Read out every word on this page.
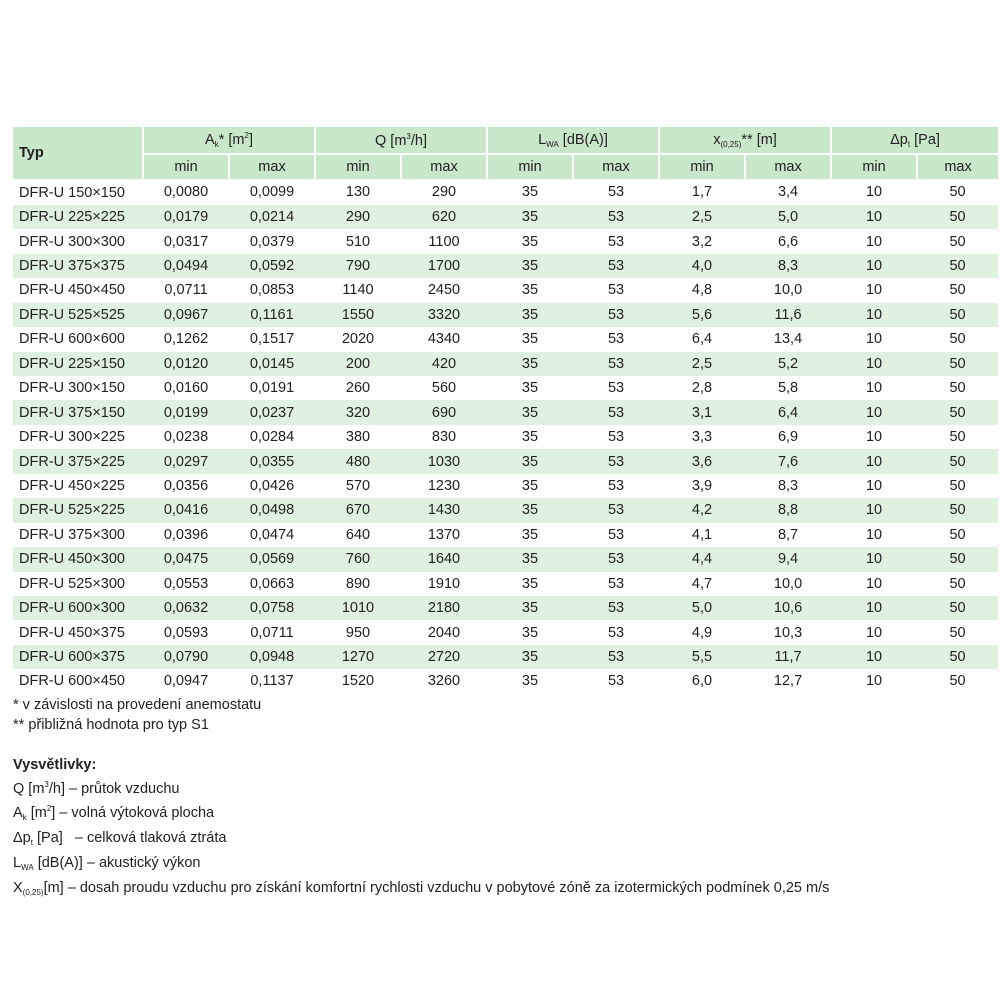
Typ	$A_k*$ $[m^2]$		Q $[m^3/h]$		$L_{WA}$ [dB(A)]		$x_{(0,25)}**$ [m]		$\Delta p_t$ [Pa]	
	min	max	min	max	min	max	min	max	min	max
DFR-U 150×150	0,0080	0,0099	130	290	35	53	1,7	3,4	10	50
DFR-U 225×225	0,0179	0,0214	290	620	35	53	2,5	5,0	10	50
DFR-U 300×300	0,0317	0,0379	510	1100	35	53	3,2	6,6	10	50
DFR-U 375×375	0,0494	0,0592	790	1700	35	53	4,0	8,3	10	50
DFR-U 450×450	0,0711	0,0853	1140	2450	35	53	4,8	10,0	10	50
DFR-U 525×525	0,0967	0,1161	1550	3320	35	53	5,6	11,6	10	50
DFR-U 600×600	0,1262	0,1517	2020	4340	35	53	6,4	13,4	10	50
DFR-U 225×150	0,0120	0,0145	200	420	35	53	2,5	5,2	10	50
DFR-U 300×150	0,0160	0,0191	260	560	35	53	2,8	5,8	10	50
DFR-U 375×150	0,0199	0,0237	320	690	35	53	3,1	6,4	10	50
DFR-U 300×225	0,0238	0,0284	380	830	35	53	3,3	6,9	10	50
DFR-U 375×225	0,0297	0,0355	480	1030	35	53	3,6	7,6	10	50
DFR-U 450×225	0,0356	0,0426	570	1230	35	53	3,9	8,3	10	50
DFR-U 525×225	0,0416	0,0498	670	1430	35	53	4,2	8,8	10	50
DFR-U 375×300	0,0396	0,0474	640	1370	35	53	4,1	8,7	10	50
DFR-U 450×300	0,0475	0,0569	760	1640	35	53	4,4	9,4	10	50
DFR-U 525×300	0,0553	0,0663	890	1910	35	53	4,7	10,0	10	50
DFR-U 600×300	0,0632	0,0758	1010	2180	35	53	5,0	10,6	10	50
DFR-U 450×375	0,0593	0,0711	950	2040	35	53	4,9	10,3	10	50
DFR-U 600×375	0,0790	0,0948	1270	2720	35	53	5,5	11,7	10	50
DFR-U 600×450	0,0947	0,1137	1520	3260	35	53	6,0	12,7	10	50
* v závislosti na provedení anemostatu
** přibližná hodnota pro typ S1
Vysvětlivky:
Q $[m^3/h]$ – průtok vzduchu
$A_k$ $[m^2]$ – volná výtoková plocha
$\Delta p_t$ [Pa]   – celková tlaková ztráta
$L_{WA}$ [dB(A)] – akustický výkon
$X_{(0,25)}[m]$ – dosah proudu vzduchu pro získání komfortní rychlosti vzduchu v pobytové zóně za izotermických podmínek 0,25 m/s
